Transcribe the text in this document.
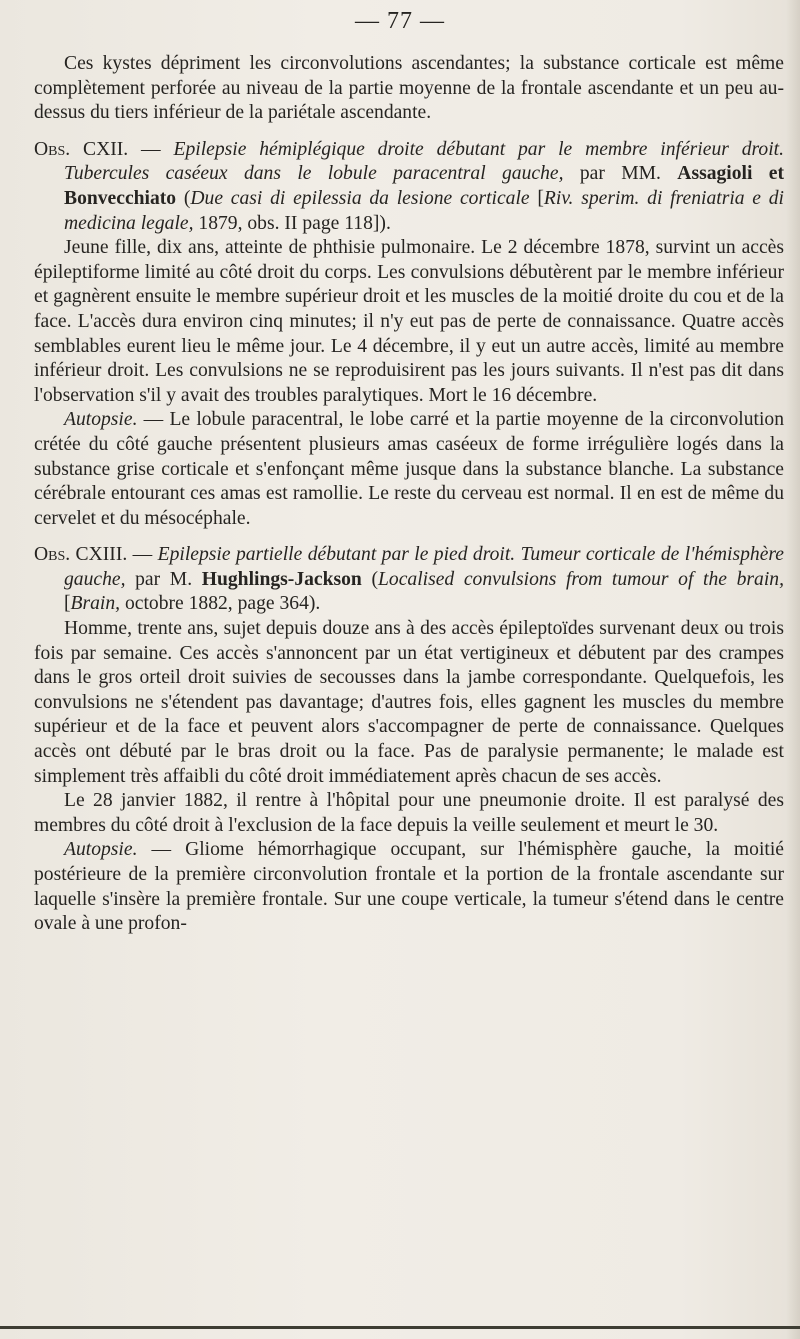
— 77 —

Ces kystes dépriment les circonvolutions ascendantes; la substance corticale est même complètement perforée au niveau de la partie moyenne de la frontale ascendante et un peu au-dessus du tiers inférieur de la pariétale ascendante.

Obs. CXII. — Epilepsie hémiplégique droite débutant par le membre inférieur droit. Tubercules caséeux dans le lobule paracentral gauche, par MM. Assagioli et Bonvecchiato (Due casi di epilessia da lesione corticale [Riv. sperim. di freniatria e di medicina legale, 1879, obs. II page 118]).

Jeune fille, dix ans, atteinte de phthisie pulmonaire. Le 2 décembre 1878, survint un accès épileptiforme limité au côté droit du corps. Les convulsions débutèrent par le membre inférieur et gagnèrent ensuite le membre supérieur droit et les muscles de la moitié droite du cou et de la face. L'accès dura environ cinq minutes; il n'y eut pas de perte de connaissance. Quatre accès semblables eurent lieu le même jour. Le 4 décembre, il y eut un autre accès, limité au membre inférieur droit. Les convulsions ne se reproduisirent pas les jours suivants. Il n'est pas dit dans l'observation s'il y avait des troubles paralytiques. Mort le 16 décembre.

Autopsie. — Le lobule paracentral, le lobe carré et la partie moyenne de la circonvolution crétée du côté gauche présentent plusieurs amas caséeux de forme irrégulière logés dans la substance grise corticale et s'enfonçant même jusque dans la substance blanche. La substance cérébrale entourant ces amas est ramollie. Le reste du cerveau est normal. Il en est de même du cervelet et du mésocéphale.

Obs. CXIII. — Epilepsie partielle débutant par le pied droit. Tumeur corticale de l'hémisphère gauche, par M. Hughlings-Jackson (Localised convulsions from tumour of the brain, [Brain, octobre 1882, page 364).

Homme, trente ans, sujet depuis douze ans à des accès épileptoïdes survenant deux ou trois fois par semaine. Ces accès s'annoncent par un état vertigineux et débutent par des crampes dans le gros orteil droit suivies de secousses dans la jambe correspondante. Quelquefois, les convulsions ne s'étendent pas davantage; d'autres fois, elles gagnent les muscles du membre supérieur et de la face et peuvent alors s'accompagner de perte de connaissance. Quelques accès ont débuté par le bras droit ou la face. Pas de paralysie permanente; le malade est simplement très affaibli du côté droit immédiatement après chacun de ses accès.

Le 28 janvier 1882, il rentre à l'hôpital pour une pneumonie droite. Il est paralysé des membres du côté droit à l'exclusion de la face depuis la veille seulement et meurt le 30.

Autopsie. — Gliome hémorrhagique occupant, sur l'hémisphère gauche, la moitié postérieure de la première circonvolution frontale et la portion de la frontale ascendante sur laquelle s'insère la première frontale. Sur une coupe verticale, la tumeur s'étend dans le centre ovale à une profon-
